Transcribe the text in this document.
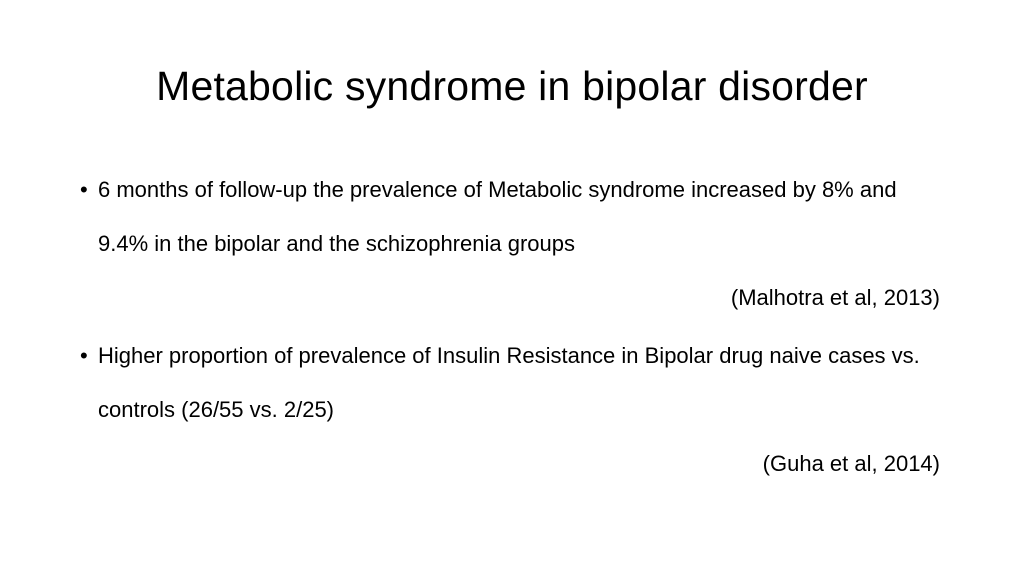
Metabolic syndrome in bipolar disorder
• 6 months of follow-up the prevalence of Metabolic syndrome increased by 8% and 9.4% in the bipolar and the schizophrenia groups

(Malhotra et al, 2013)
• Higher proportion of prevalence of Insulin Resistance in Bipolar drug naive cases vs. controls (26/55 vs. 2/25)

(Guha et al, 2014)
